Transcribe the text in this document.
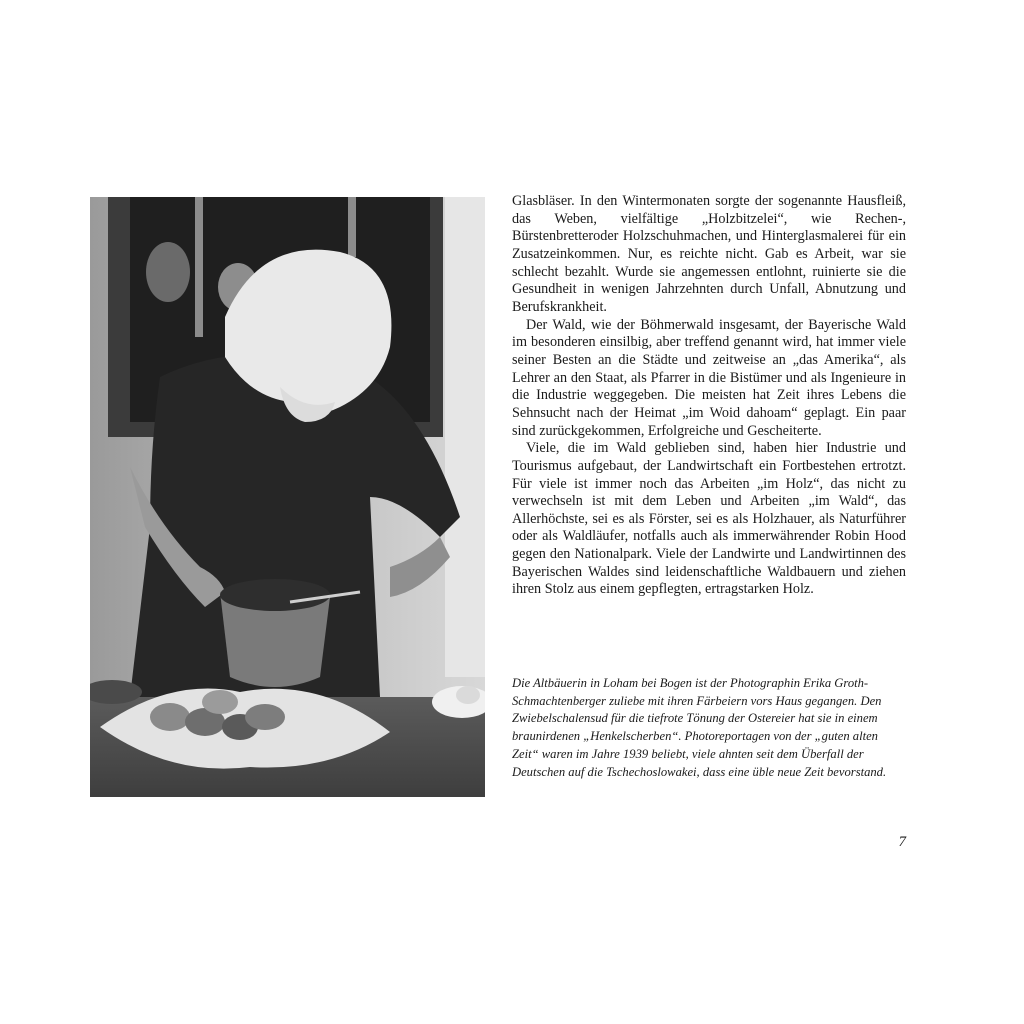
Glasbläser. In den Wintermonaten sorgte der sogenannte Hausfleiß, das Weben, vielfältige „Holzbitzelei“, wie Rechen-, Bürstenbretteroder Holzschuhmachen, und Hinterglasmalerei für ein Zusatzeinkommen. Nur, es reichte nicht. Gab es Arbeit, war sie schlecht bezahlt. Wurde sie angemessen entlohnt, ruinierte sie die Gesundheit in wenigen Jahrzehnten durch Unfall, Abnutzung und Berufskrankheit.

Der Wald, wie der Böhmerwald insgesamt, der Bayerische Wald im besonderen einsilbig, aber treffend genannt wird, hat immer viele seiner Besten an die Städte und zeitweise an „das Amerika“, als Lehrer an den Staat, als Pfarrer in die Bistümer und als Ingenieure in die Industrie weggegeben. Die meisten hat Zeit ihres Lebens die Sehnsucht nach der Heimat „im Woid dahoam“ geplagt. Ein paar sind zurückgekommen, Erfolgreiche und Gescheiterte.

Viele, die im Wald geblieben sind, haben hier Industrie und Tourismus aufgebaut, der Landwirtschaft ein Fortbestehen ertrotzt. Für viele ist immer noch das Arbeiten „im Holz“, das nicht zu verwechseln ist mit dem Leben und Arbeiten „im Wald“, das Allerhöchste, sei es als Förster, sei es als Holzhauer, als Naturführer oder als Waldläufer, notfalls auch als immerwährender Robin Hood gegen den Nationalpark. Viele der Landwirte und Landwirtinnen des Bayerischen Waldes sind leidenschaftliche Waldbauern und ziehen ihren Stolz aus einem gepflegten, ertragstarken Holz.

Die Altbäuerin in Loham bei Bogen ist der Photographin Erika Groth-Schmachtenberger zuliebe mit ihren Färbeiern vors Haus gegangen. Den Zwiebelschalensud für die tiefrote Tönung der Ostereier hat sie in einem braunirdenen „Henkelscherben“. Photoreportagen von der „guten alten Zeit“ waren im Jahre 1939 beliebt, viele ahnten seit dem Überfall der Deutschen auf die Tschechoslowakei, dass eine üble neue Zeit bevorstand.

7
